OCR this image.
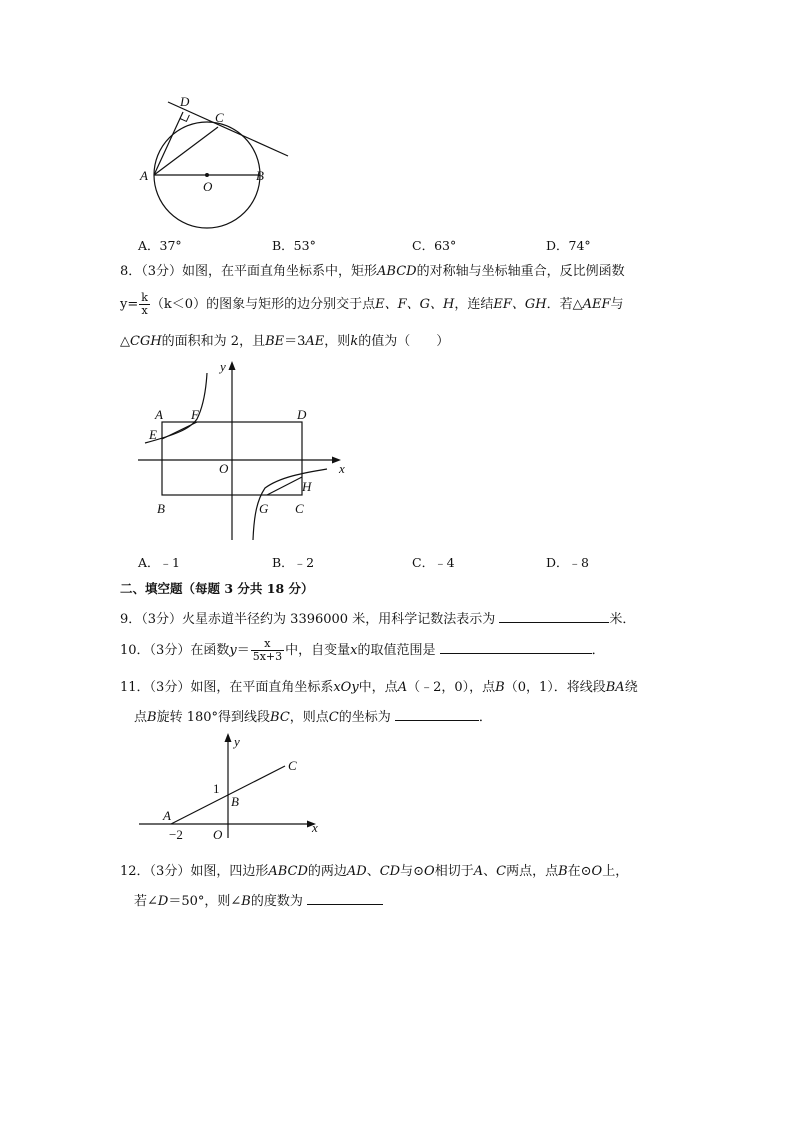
D
C
A
O
B
A．37°	B．53°	C．63°	D．74°
8．（3分）如图，在平面直角坐标系中，矩形ABCD的对称轴与坐标轴重合，反比例函数
$y= \frac{k}{x} (k<0)$的图象与矩形的边分别交于点E、F、G、H，连结EF、GH．若△AEF与
△CGH的面积和为 2，且BE＝3AE，则k的值为（　　）
y
x
A F	D
E
O
H
B	G C
A．﹣1	B．﹣2	C．﹣4	D．﹣8
二、填空题（每题 3 分共 18 分）
9．（3分）火星赤道半径约为 3396000 米，用科学记数法表示为	米．
10．（3分）在函数$y= \frac{x}{5x+3}$ 中，自变量x的取值范围是	．
11．（3分）如图，在平面直角坐标系xOy中，点A（﹣2，0），点B（0，1）．将线段BA绕
点B旋转 180°得到线段BC，则点C的坐标为	．
y
C
1
B
A
−2 O	x
12．（3分）如图，四边形ABCD的两边AD、CD与⊙O相切于A、C两点，点B在⊙O上，
若∠D＝50°，则∠B的度数为
